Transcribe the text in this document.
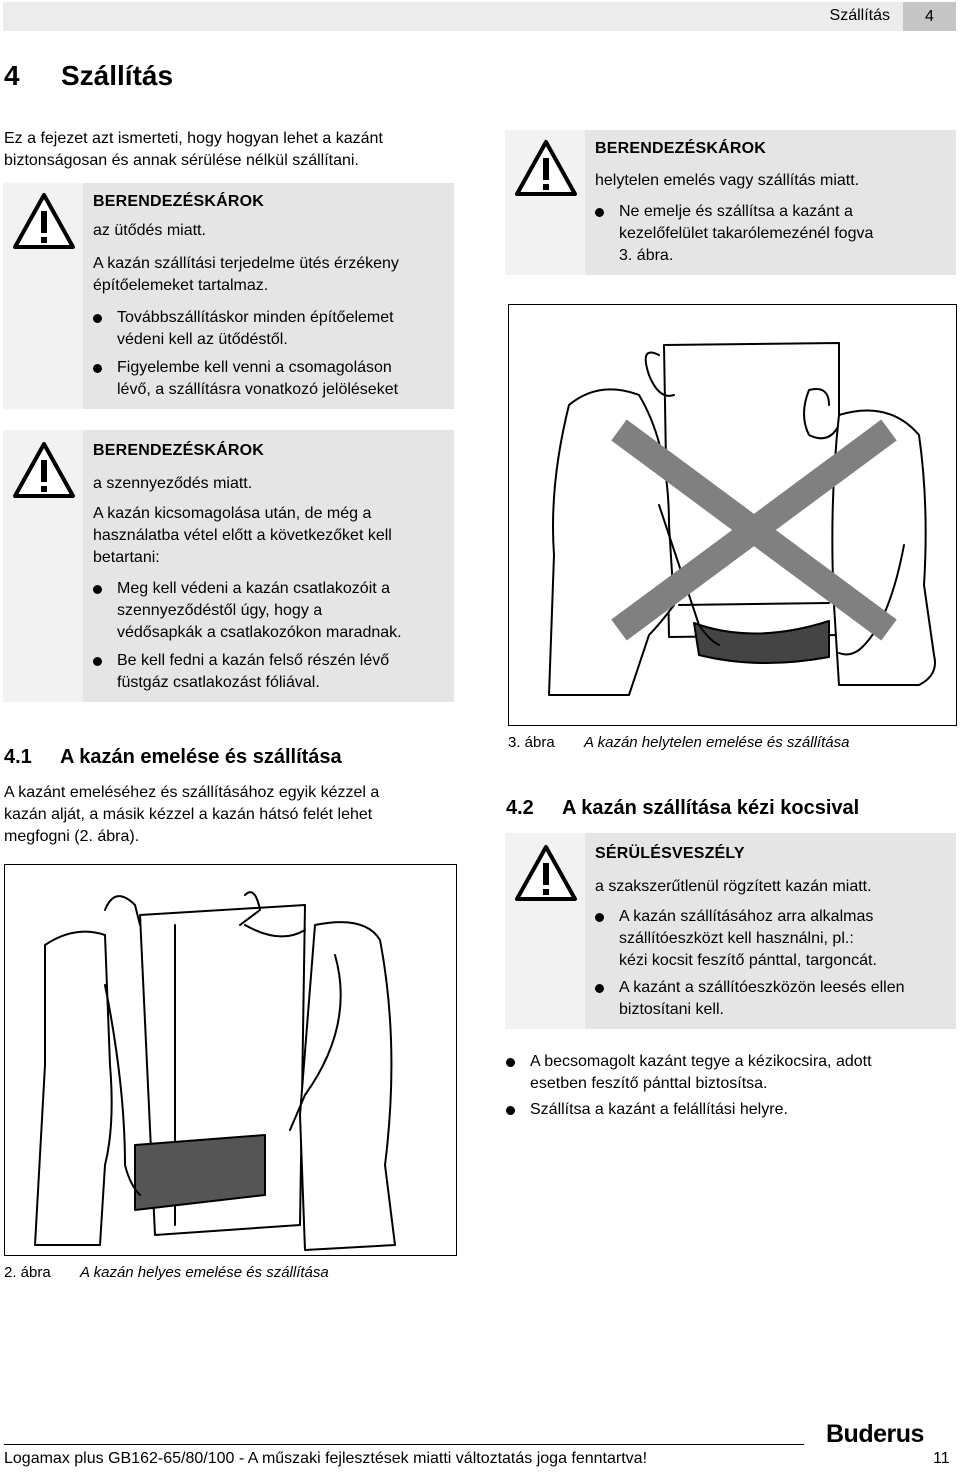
Szállítás	4
4 Szállítás
Ez a fejezet azt ismerteti, hogy hogyan lehet a kazánt
biztonságosan és annak sérülése nélkül szállítani.
BERENDEZÉSKÁROK
az ütődés miatt.
A kazán szállítási terjedelme ütés érzékeny
építőelemeket tartalmaz.
Továbbszállításkor minden építőelemet
védeni kell az ütődéstől.
Figyelembe kell venni a csomagoláson
lévő, a szállításra vonatkozó jelöléseket
BERENDEZÉSKÁROK
a szennyeződés miatt.
A kazán kicsomagolása után, de még a
használatba vétel előtt a következőket kell
betartani:
Meg kell védeni a kazán csatlakozóit a
szennyeződéstől úgy, hogy a
védősapkák a csatlakozókon maradnak.
Be kell fedni a kazán felső részén lévő
füstgáz csatlakozást fóliával.
BERENDEZÉSKÁROK
helytelen emelés vagy szállítás miatt.
Ne emelje és szállítsa a kazánt a
kezelőfelület takarólemezénél fogva
3. ábra.
3. ábra A kazán helytelen emelése és szállítása
4.1 A kazán emelése és szállítása
A kazánt emeléséhez és szállításához egyik kézzel a
kazán alját, a másik kézzel a kazán hátsó felét lehet
megfogni (2. ábra).
2. ábra A kazán helyes emelése és szállítása
4.2 A kazán szállítása kézi kocsival
SÉRÜLÉSVESZÉLY
a szakszerűtlenül rögzített kazán miatt.
A kazán szállításához arra alkalmas
szállítóeszközt kell használni, pl.:
kézi kocsit feszítő pánttal, targoncát.
A kazánt a szállítóeszközön leesés ellen
biztosítani kell.
A becsomagolt kazánt tegye a kézikocsira, adott
esetben feszítő pánttal biztosítsa.
Szállítsa a kazánt a felállítási helyre.
Buderus
Logamax plus GB162-65/80/100 - A műszaki fejlesztések miatti változtatás joga fenntartva!	11
